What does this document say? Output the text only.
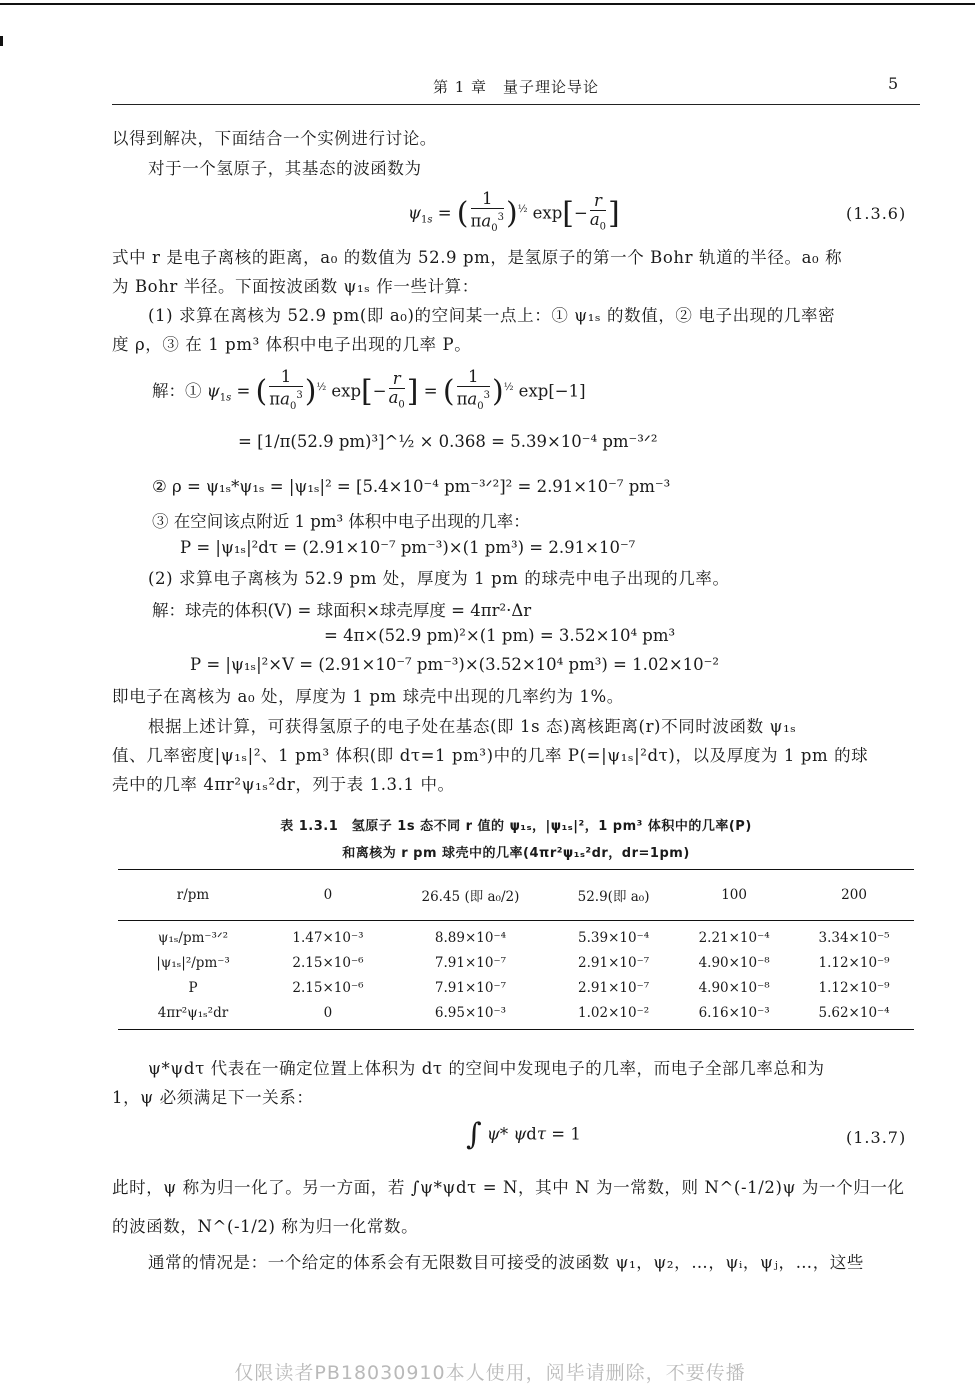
第 1 章　量子理论导论	5
以得到解决，下面结合一个实例进行讨论。
对于一个氢原子，其基态的波函数为
$\psi_{1s}$ = ( $\frac{1}{\pi a_0^3} )^{\frac{1}{2}}$ $\exp[- \frac{r}{a_0}$ ]	(1.3.6)
式中 r 是电子离核的距离，a₀ 的数值为 52.9 pm，是氢原子的第一个 Bohr 轨道的半径。a₀ 称
为 Bohr 半径。下面按波函数 ψ₁ₛ 作一些计算：
(1) 求算在离核为 52.9 pm(即 a₀)的空间某一点上：① ψ₁ₛ 的数值，② 电子出现的几率密
度 ρ，③ 在 1 pm³ 体积中电子出现的几率 P。
解：① $\psi_{1s}$ = ( $\frac{1}{\pi a_0^3} )^{\frac{1}{2}}$ $\exp[- \frac{r}{a_0}$ ] = ( $\frac{1}{\pi a_0^3} )^{\frac{1}{2}}$ exp[−1]
= [1/π(52.9 pm)³]^½ × 0.368 = 5.39×10⁻⁴ pm⁻³ᐟ²
② ρ = ψ₁ₛ*ψ₁ₛ = |ψ₁ₛ|² = [5.4×10⁻⁴ pm⁻³ᐟ²]² = 2.91×10⁻⁷ pm⁻³
③ 在空间该点附近 1 pm³ 体积中电子出现的几率：
P = |ψ₁ₛ|²dτ = (2.91×10⁻⁷ pm⁻³)×(1 pm³) = 2.91×10⁻⁷
(2) 求算电子离核为 52.9 pm 处，厚度为 1 pm 的球壳中电子出现的几率。
解：球壳的体积(V) = 球面积×球壳厚度 = 4πr²·Δr
= 4π×(52.9 pm)²×(1 pm) = 3.52×10⁴ pm³
P = |ψ₁ₛ|²×V = (2.91×10⁻⁷ pm⁻³)×(3.52×10⁴ pm³) = 1.02×10⁻²
即电子在离核为 a₀ 处，厚度为 1 pm 球壳中出现的几率约为 1%。
根据上述计算，可获得氢原子的电子处在基态(即 1s 态)离核距离(r)不同时波函数 ψ₁ₛ
值、几率密度|ψ₁ₛ|²、1 pm³ 体积(即 dτ=1 pm³)中的几率 P(=|ψ₁ₛ|²dτ)，以及厚度为 1 pm 的球
壳中的几率 4πr²ψ₁ₛ²dr，列于表 1.3.1 中。
表 1.3.1　氢原子 1s 态不同 r 值的 ψ₁ₛ，|ψ₁ₛ|²，1 pm³ 体积中的几率(P)
和离核为 r pm 球壳中的几率(4πr²ψ₁ₛ²dr，dr=1pm)
r/pm	0	26.45 (即 a₀/2)	52.9(即 a₀)	100	200
ψ₁ₛ/pm⁻³ᐟ²	1.47×10⁻³	8.89×10⁻⁴	5.39×10⁻⁴	2.21×10⁻⁴	3.34×10⁻⁵
|ψ₁ₛ|²/pm⁻³	2.15×10⁻⁶	7.91×10⁻⁷	2.91×10⁻⁷	4.90×10⁻⁸	1.12×10⁻⁹
P	2.15×10⁻⁶	7.91×10⁻⁷	2.91×10⁻⁷	4.90×10⁻⁸	1.12×10⁻⁹
4πr²ψ₁ₛ²dr	0	6.95×10⁻³	1.02×10⁻²	6.16×10⁻³	5.62×10⁻⁴
ψ*ψdτ 代表在一确定位置上体积为 dτ 的空间中发现电子的几率，而电子全部几率总和为
1，ψ 必须满足下一关系：
∫ ψ* ψdτ = 1	(1.3.7)
此时，ψ 称为归一化了。另一方面，若 ∫ψ*ψdτ = N，其中 N 为一常数，则 N^(-1/2)ψ 为一个归一化
的波函数，N^(-1/2) 称为归一化常数。
通常的情况是：一个给定的体系会有无限数目可接受的波函数 ψ₁，ψ₂，…，ψᵢ，ψⱼ，…，这些
仅限读者PB18030910本人使用，阅毕请删除，不要传播
